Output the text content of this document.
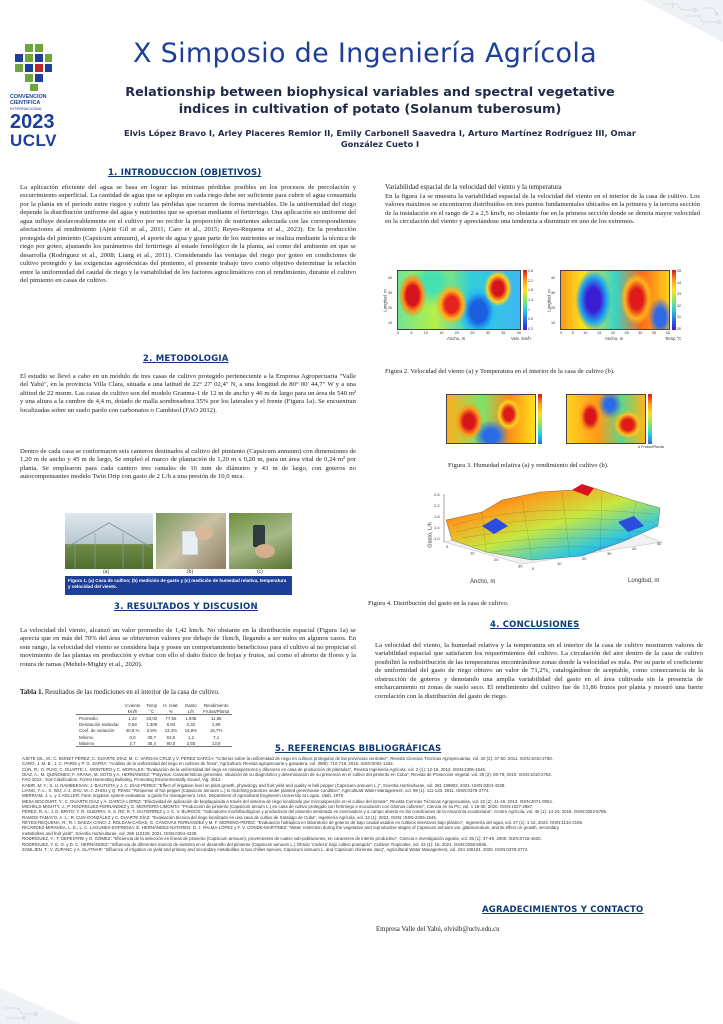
CONVENCION
CIENTIFICA
INTERNACIONAL
2023
UCLV
X Simposio de Ingeniería Agrícola
Relationship between biophysical variables and spectral vegetative
indices in cultivation of potato (Solanum tuberosum)
Elvis López Bravo I, Arley Placeres Remior II, Emily Carbonell Saavedra I, Arturo Martínez Rodríguez III, Omar
González Cueto I
1. INTRODUCCION (OBJETIVOS)

La aplicación eficiente del agua se basa en lograr las mínimas pérdidas posibles en los procesos de percolación y escurrimiento superficial. La cantidad de agua que se aplique en cada riego debe ser suficiente para cubrir el agua consumida por la planta en el período entre riegos y cubrir las pérdidas que ocurren de forma inevitables. De la uniformidad del riego depende la distribución uniforme del agua y nutrientes que se aportan mediante el fertirriego. Una aplicación no uniforme del agua influye desfavorablemente en el cultivo por no recibir la proporción de nutrientes adecuada con las correspondientes afectaciones al rendimiento (Ajete Gil et al., 2011; Caro et al., 2015; Reyes-Requena et al., 2023). En la producción protegida del pimiento (Capsicum annuum), el aporte de agua y gran parte de los nutrientes se realiza mediante la técnica de riego por goteo, ajustando los parámetros del fertirriego al estado fenológico de la planta, así como del ambiente en que se desarrolla (Rodríguez et al., 2008; Liang et al., 2011). Considerando las ventajas del riego por goteo en condiciones de cultivo protegido y las exigencias agrotécnicas del pimiento, el presente trabajo tuvo como objetivo determinar la relación entre la uniformidad del caudal de riego y la variabilidad de los factores agroclimáticos con el rendimiento, durante el cultivo del pimiento en casas de cultivo.

2. METODOLOGIA

El estudio se llevó a cabo en un módulo de tres casas de cultivo protegido perteneciente a la Empresa Agropecuaria "Valle del Yabú", en la provincia Villa Clara, situada a una latitud de 22° 27' 02,4" N, a una longitud de 80° 00' 44,7" W y a una altitud de 22 msnm. Las casas de cultivo son del modelo Granma-1 de 12 m de ancho y 46 m de largo para un área de 540 m² y una altura a la cumbre de 4,4 m, dotado de malla sombreadora 35% por los laterales y el frente (Figura 1a). Se encuentran localizadas sobre un suelo pardo con carbonatos o Cambisol (FAO 2012).

Dentro de cada casa se conformaron seis canteros destinados al cultivo del pimiento (Capsicum annuum) con dimensiones de 1,20 m de ancho y 45 m de largo, Se empleó el marco de plantación de 1,20 m x 0,20 m, para un área vital de 0,24 m² por planta. Se emplearon para cada cantero tres ramales de 16 mm de diámetro y 43 m de largo, con goteros no autocompensantes modelo Twin Drip con gasto de 2 L/h a una presión de 10,0 mca.

(a)	(b)	(c)
Figura 1. (a) Casa de cultivo; (b) medición de gasto y (c) medición de humedad relativa, temperatura y velocidad del viento.
3. RESULTADOS Y DISCUSION

La velocidad del viento, alcanzó un valor promedio de 1,42 km/h. No obstante en la distribución espacial (Figura 1a) se aprecia que en más del 70% del área se obtuvieron valores por debajo de 1km/h, llegando a ser nulos en algunos casos. En este rango, la velocidad del viento se considera baja y posee un comportamiento beneficioso para el cultivo al no propiciar el movimiento de las plantas en producción y evitar con ello el daño físico de hojas y frutos, así como el aborto de flores y la rotura de ramas (Mehels-Mighty et al., 2020).

Tabla 1. Resultados de las mediciones en el interior de la casa de cultivo.
	V.viento	Temp	H. relat.	Gasto	Rendimiento
	km/h	°C	%	L/h	Frutos/Planta
Promedio	1,42	33,02	77,56	1,945	11,86
Desviación estándar	0,58	1,309	8,84	0,32	1,99
Coef. de variación	40,8 %	3,9%	13,4%	16,9%	16,7%
Mínimo	0,0	30,7	63,6	1,2	7,1
Máximo	2,7	35,4	90,0	2,55	13,9
Variabilidad espacial de la velocidad del viento y la temperatura

En la figura 1a se muestra la variabilidad espacial de la velocidad del viento en el interior de la casa de cultivo. Los valores máximos se encontraron distribuidos en tres puntos fundamentales ubicados en la primera y la tercera sección de la instalación en el rango de 2 a 2,5 km/h, no obstante fue en la primera sección donde se denota mayor velocidad en la circulación del viento y apreciándose una tendencia a disminuir en uno de los extremos.

Longitud, m	Longitud, m
2.6
2.2
1.8
1.4
1
0.6
0.2
35
34
33
32
31
30
40
30
20
10
40
30
20
10
0	5	10	15	20	25	30	35	40	0	5	10	15	20	25	30	35	40
Ancho, m	Ancho, m
Velc. km/h	Temp °C
Figura 2. Velocidad del viento (a) y Temperatura en el interior de la casa de cultivo (b).
# Frutos/Planta
Figura 3. Humedad relativa (a) y rendimiento del cultivo (b).
2.6
2.2
1.8
1.4
1.0
0
10
20
30 0
10
20
30
40
50
Gasto, L/h
Ancho, m	Longitud, m
Figura 4. Distribución del gasto en la casa de cultivo.
4. CONCLUSIONES

La velocidad del viento, la humedad relativa y la temperatura en el interior de la casa de cultivo mostraron valores de variabilidad espacial que satisfacen los requerimientos del cultivo. La circulación del aire dentro de la casa de cultivo posibilitó la redistribución de las temperaturas encontrándose zonas donde la velocidad es nula. Por su parte el coeficiente de uniformidad del gasto de riego obtuvo un valor de 71,2%, catalogándose de aceptable, como consecuencia de la obstrucción de goteros y denotando una amplia variabilidad del gasto en el área cultivada sin la presencia de encharcamiento ni zonas de suelo seco. El rendimiento del cultivo fue de 11,86 frutos por planta y mostró una fuerte correlación con la distribución del gasto de riego.

5. REFERENCIAS BIBLIOGRÁFICAS
AJETE GIL, M.; C. BONET PÉREZ; C. DUARTE DÍAZ; M. C. VARGAS CRUZ y V. PÉREZ GARCÍA: "Criterios sobre la uniformidad de riego en cultivos protegidos de las provincias centrales", Revista Ciencias Técnicas Agropecuarias, vol. 20 (2): 47-50, 2011. ISSN:1010-2760.
CARO, J. M. B.; J. C. PARÍS y P. G. ZAFRA: "Análisis de la uniformidad del riego en cultivos de fresa", Agricultura: Revista agropecuaria y ganadera, vol. (988): 710-718, 2015. ISSN:0002-1334.
CUN, R.; O. PUIG; C. DUARTE; L. MONTERO y C. MORALES: "Evaluación de la uniformidad del riego en miniaspersores y difusores en casa de producción de plántulas", Revista Ingeniería Agrícola, vol. 2 (1): 12-16, 2012. ISSN:2306-1545.
DÍAZ, A.; M. QUIÑONES; F. ARANA; M. SOTO y A. HERNÁNDEZ: "Potyvirus: Características generales, situación de su diagnóstico y determinación de su presencia en el cultivo del pimiento en Cuba", Revista de Protección Vegetal, vol. 25 (2): 69-79, 2010. ISSN:1010-2752.
FAO 2012.: Soil Clasification. Forest Harvesting Bulleting, Promoting Environmentally Sound, Vig. 2012.
KABIR, M. Y.; S. U. NAMBEESAN; J. BAUTISTA y J. C. DÍAZ-PÉREZ: "Effect of irrigation level on plant growth, physiology and fruit yield and quality in bell pepper (Capsicum annuum L.)", Scientia Horticulturae, vol. 281 109902, 2021. ISSN:0304-4238.
LIANG, Y.-L.; X. WU; J.-J. ZHU; M.-J. ZHOU y Q. PENG: "Response of hot pepper (Capsicum annuum L.) to mulching practices under planted greenhouse condition", Agricultural Water Management, vol. 99 (1): 111-120, 2011. ISSN:0378-3774.
MERRIAM, J. L. y J. KELLER: Farm irrigation system evaluation: a guide for management, USA, Department of Agricultural Engineerin University at Logan, Utah, 1978.
MESA BOCOURT, Y.; C. DUARTE DÍAZ y A. GARCÍA LÓPEZ: "Efectividad de aplicación de bioplaguicida a través del sistema de riego localizado por microaspersión en el cultivo del tomate", Revista Ciencias Técnicas Agropecuarias, vol. 22 (2): 41-46, 2013. ISSN:2071-0054.
MICHELS-MIGHTY, J.; P. RODRÍGUEZ-FERNÁNDEZ y G. MONTERO-LIMONTA: "Producción de pimiento (Capsicum annum L.) en casa de cultivo protegido con fertirriego e inoculación con Glomus cubense", Ciencia en su PC, vol. 1 18-30, 2020. ISSN:1027-2887.
PÉREZ, R. A.; J. D. BRITO; Y. R. GUERRA; S. S. RE; R. T. GUTIÉRREZ y J. C. V. BURGOS: "Indicadores morfofisiológicos y productivos del pimiento sembrado en invernadero y a campo abierto en las condiciones de la Amazonía ecuatoriana", Centro Agrícola, vol. 45 (1): 14-23, 2018. ISSN:0253-5785.
RAMOS-TAMAYO, A. L.; R. CUN-GONZÁLEZ y C. DUARTE DÍAZ: "Evaluación técnica del riego localizado en una casa de cultivo de Santiago de Cuba", Ingeniería Agrícola, vol. 13 (1): 2023. ISSN: ISSN-2306-1545.
REYES-REQUENA, R.; R. I. BAEZA CANO; J. ROLDÁN-CAÑAS; G. CÁNOVAS FERNÁNDEZ y M. F. MORENO-PÉREZ: "Evaluación hidráulica en laboratorio de goteros de bajo caudal usados en cultivos intensivos bajo plástico", Ingeniería del agua, vol. 27 (1): 1-12, 2023. ISSN:1134-2196.
RICÁRDEZ-MIRANDA, L. E.; L. C. LAGUNES-ESPINOZA; E. HERNÁNDEZ-NATAREN; D. J. PALMA-LÓPEZ y F. V. CONDE-MARTÍNEZ: "Water restriction during the vegetative and reproductive stages of Capsicum annuum var. glabriusculum, and its effect on growth, secondary
metabolites and fruit yield", Scientia Horticulturae, vol. 285 110129, 2021. ISSN:0304-4238.
RODRÍGUEZ, Y.; T. DEPESTRE y O. GÓMEZ: "Eficiencia de la selección en líneas de pimiento (Capsicum annuum), provenientes de cuatro sub-poblaciones, en caracteres de interés productivo", Ciencia e investigación agraria, vol. 35 (1): 37-49, 2008. ISSN:0718-1620.
RODRÍGUEZ, Y. E. O. y D. C. HERNÁNDEZ: "Influencia de diferentes marcos de siembra en el desarrollo del pimiento (Capsicum annuum L.) híbrido 'Carleza' bajo cultivo protegido", Cultivos Tropicales, vol. 42 (1): 15, 2021. ISSN:0258-5936.
ZAMLJEN, T.; V. ZUPANC y A. SLATNAR: "Influence of irrigation on yield and primary and secondary metabolites in two chilies species, Capsicum annuum L. and Capsicum chinense Jacq", Agricultural Water Management, vol. 234 106104, 2020. ISSN:0378-3774.
AGRADECIMIENTOS Y CONTACTO
Empresa Valle del Yabú, elvislb@uclv.edu.cu
